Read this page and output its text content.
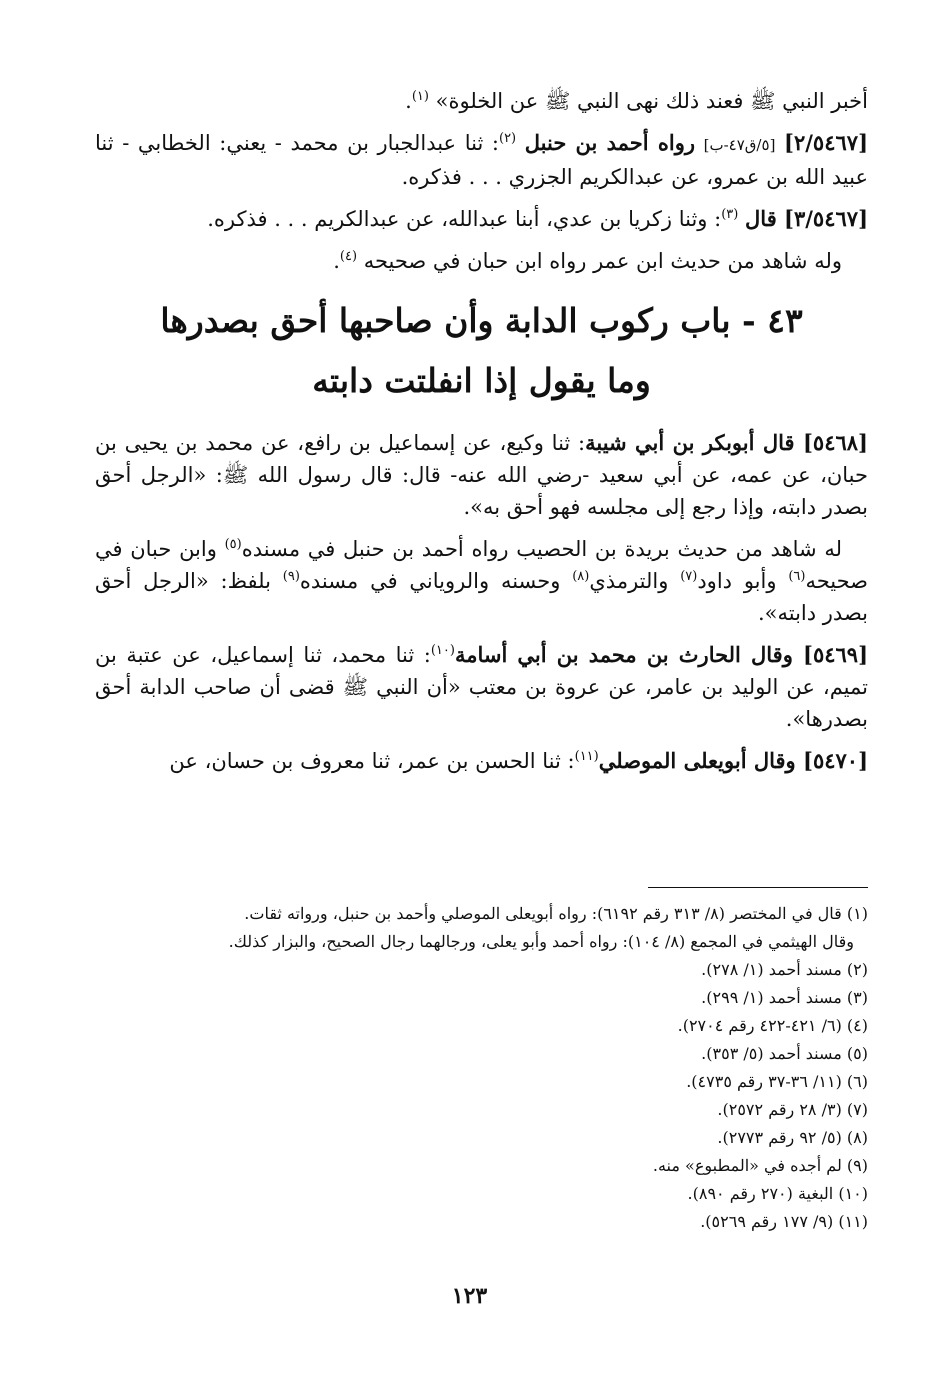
أخبر النبي ﷺ فعند ذلك نهى النبي ﷺ عن الخلوة» $^{(١)}$.

[٢/٥٤٦٧] [٥/ق٤٧-ب] رواه أحمد بن حنبل $^{(٢)}$: ثنا عبدالجبار بن محمد - يعني: الخطابي - ثنا عبيد الله بن عمرو، عن عبدالكريم الجزري . . . فذكره.

[٣/٥٤٦٧] قال $^{(٣)}$: وثنا زكريا بن عدي، أبنا عبدالله، عن عبدالكريم . . . فذكره.

وله شاهد من حديث ابن عمر رواه ابن حبان في صحيحه $^{(٤)}$.

٤٣ - باب ركوب الدابة وأن صاحبها أحق بصدرها
وما يقول إذا انفلتت دابته

[٥٤٦٨] قال أبوبكر بن أبي شيبة: ثنا وكيع، عن إسماعيل بن رافع، عن محمد بن يحيى بن حبان، عن عمه، عن أبي سعيد -رضي الله عنه- قال: قال رسول الله ﷺ: «الرجل أحق بصدر دابته، وإذا رجع إلى مجلسه فهو أحق به».

له شاهد من حديث بريدة بن الحصيب رواه أحمد بن حنبل في مسنده$^{(٥)}$ وابن حبان في صحيحه$^{(٦)}$ وأبو داود$^{(٧)}$ والترمذي$^{(٨)}$ وحسنه والروياني في مسنده$^{(٩)}$ بلفظ: «الرجل أحق بصدر دابته».

[٥٤٦٩] وقال الحارث بن محمد بن أبي أسامة$^{(١٠)}$: ثنا محمد، ثنا إسماعيل، عن عتبة بن تميم، عن الوليد بن عامر، عن عروة بن معتب «أن النبي ﷺ قضى أن صاحب الدابة أحق بصدرها».

[٥٤٧٠] وقال أبويعلى الموصلي$^{(١١)}$: ثنا الحسن بن عمر، ثنا معروف بن حسان، عن

(١) قال في المختصر (٨/ ٣١٣ رقم ٦١٩٢): رواه أبويعلى الموصلي وأحمد بن حنبل، ورواته ثقات.

وقال الهيثمي في المجمع (٨/ ١٠٤): رواه أحمد وأبو يعلى، ورجالهما رجال الصحيح، والبزار كذلك.

(٢) مسند أحمد (١/ ٢٧٨).

(٣) مسند أحمد (١/ ٢٩٩).

(٤) (٦/ ٤٢١-٤٢٢ رقم ٢٧٠٤).

(٥) مسند أحمد (٥/ ٣٥٣).

(٦) (١١/ ٣٦-٣٧ رقم ٤٧٣٥).

(٧) (٣/ ٢٨ رقم ٢٥٧٢).

(٨) (٥/ ٩٢ رقم ٢٧٧٣).

(٩) لم أجده في «المطبوع» منه.

(١٠) البغية (٢٧٠ رقم ٨٩٠).

(١١) (٩/ ١٧٧ رقم ٥٢٦٩).

١٢٣
